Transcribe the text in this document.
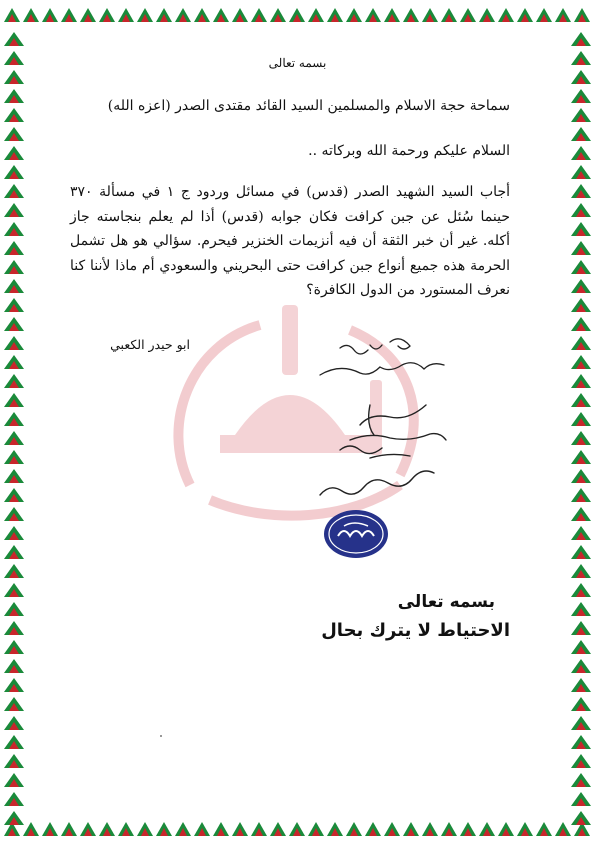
بسمه تعالى
سماحة حجة الاسلام والمسلمين السيد القائد مقتدى الصدر (اعزه الله)
السلام عليكم ورحمة الله وبركاته ..
أجاب السيد الشهيد الصدر (قدس) في مسائل وردود ج ١ في مسألة ٣٧٠ حينما سُئل عن جبن كرافت فكان جوابه (قدس) أذا لم يعلم بنجاسته جاز أكله. غير أن خبر الثقة أن فيه أنزيمات الخنزير فيحرم. سؤالي هو هل تشمل الحرمة هذه جميع أنواع جبن كرافت حتى البحريني والسعودي أم ماذا لأننا كنا نعرف المستورد من الدول الكافرة؟
ابو حيدر الكعبي
بسمه تعالى
الاحتياط لا يترك بحال
